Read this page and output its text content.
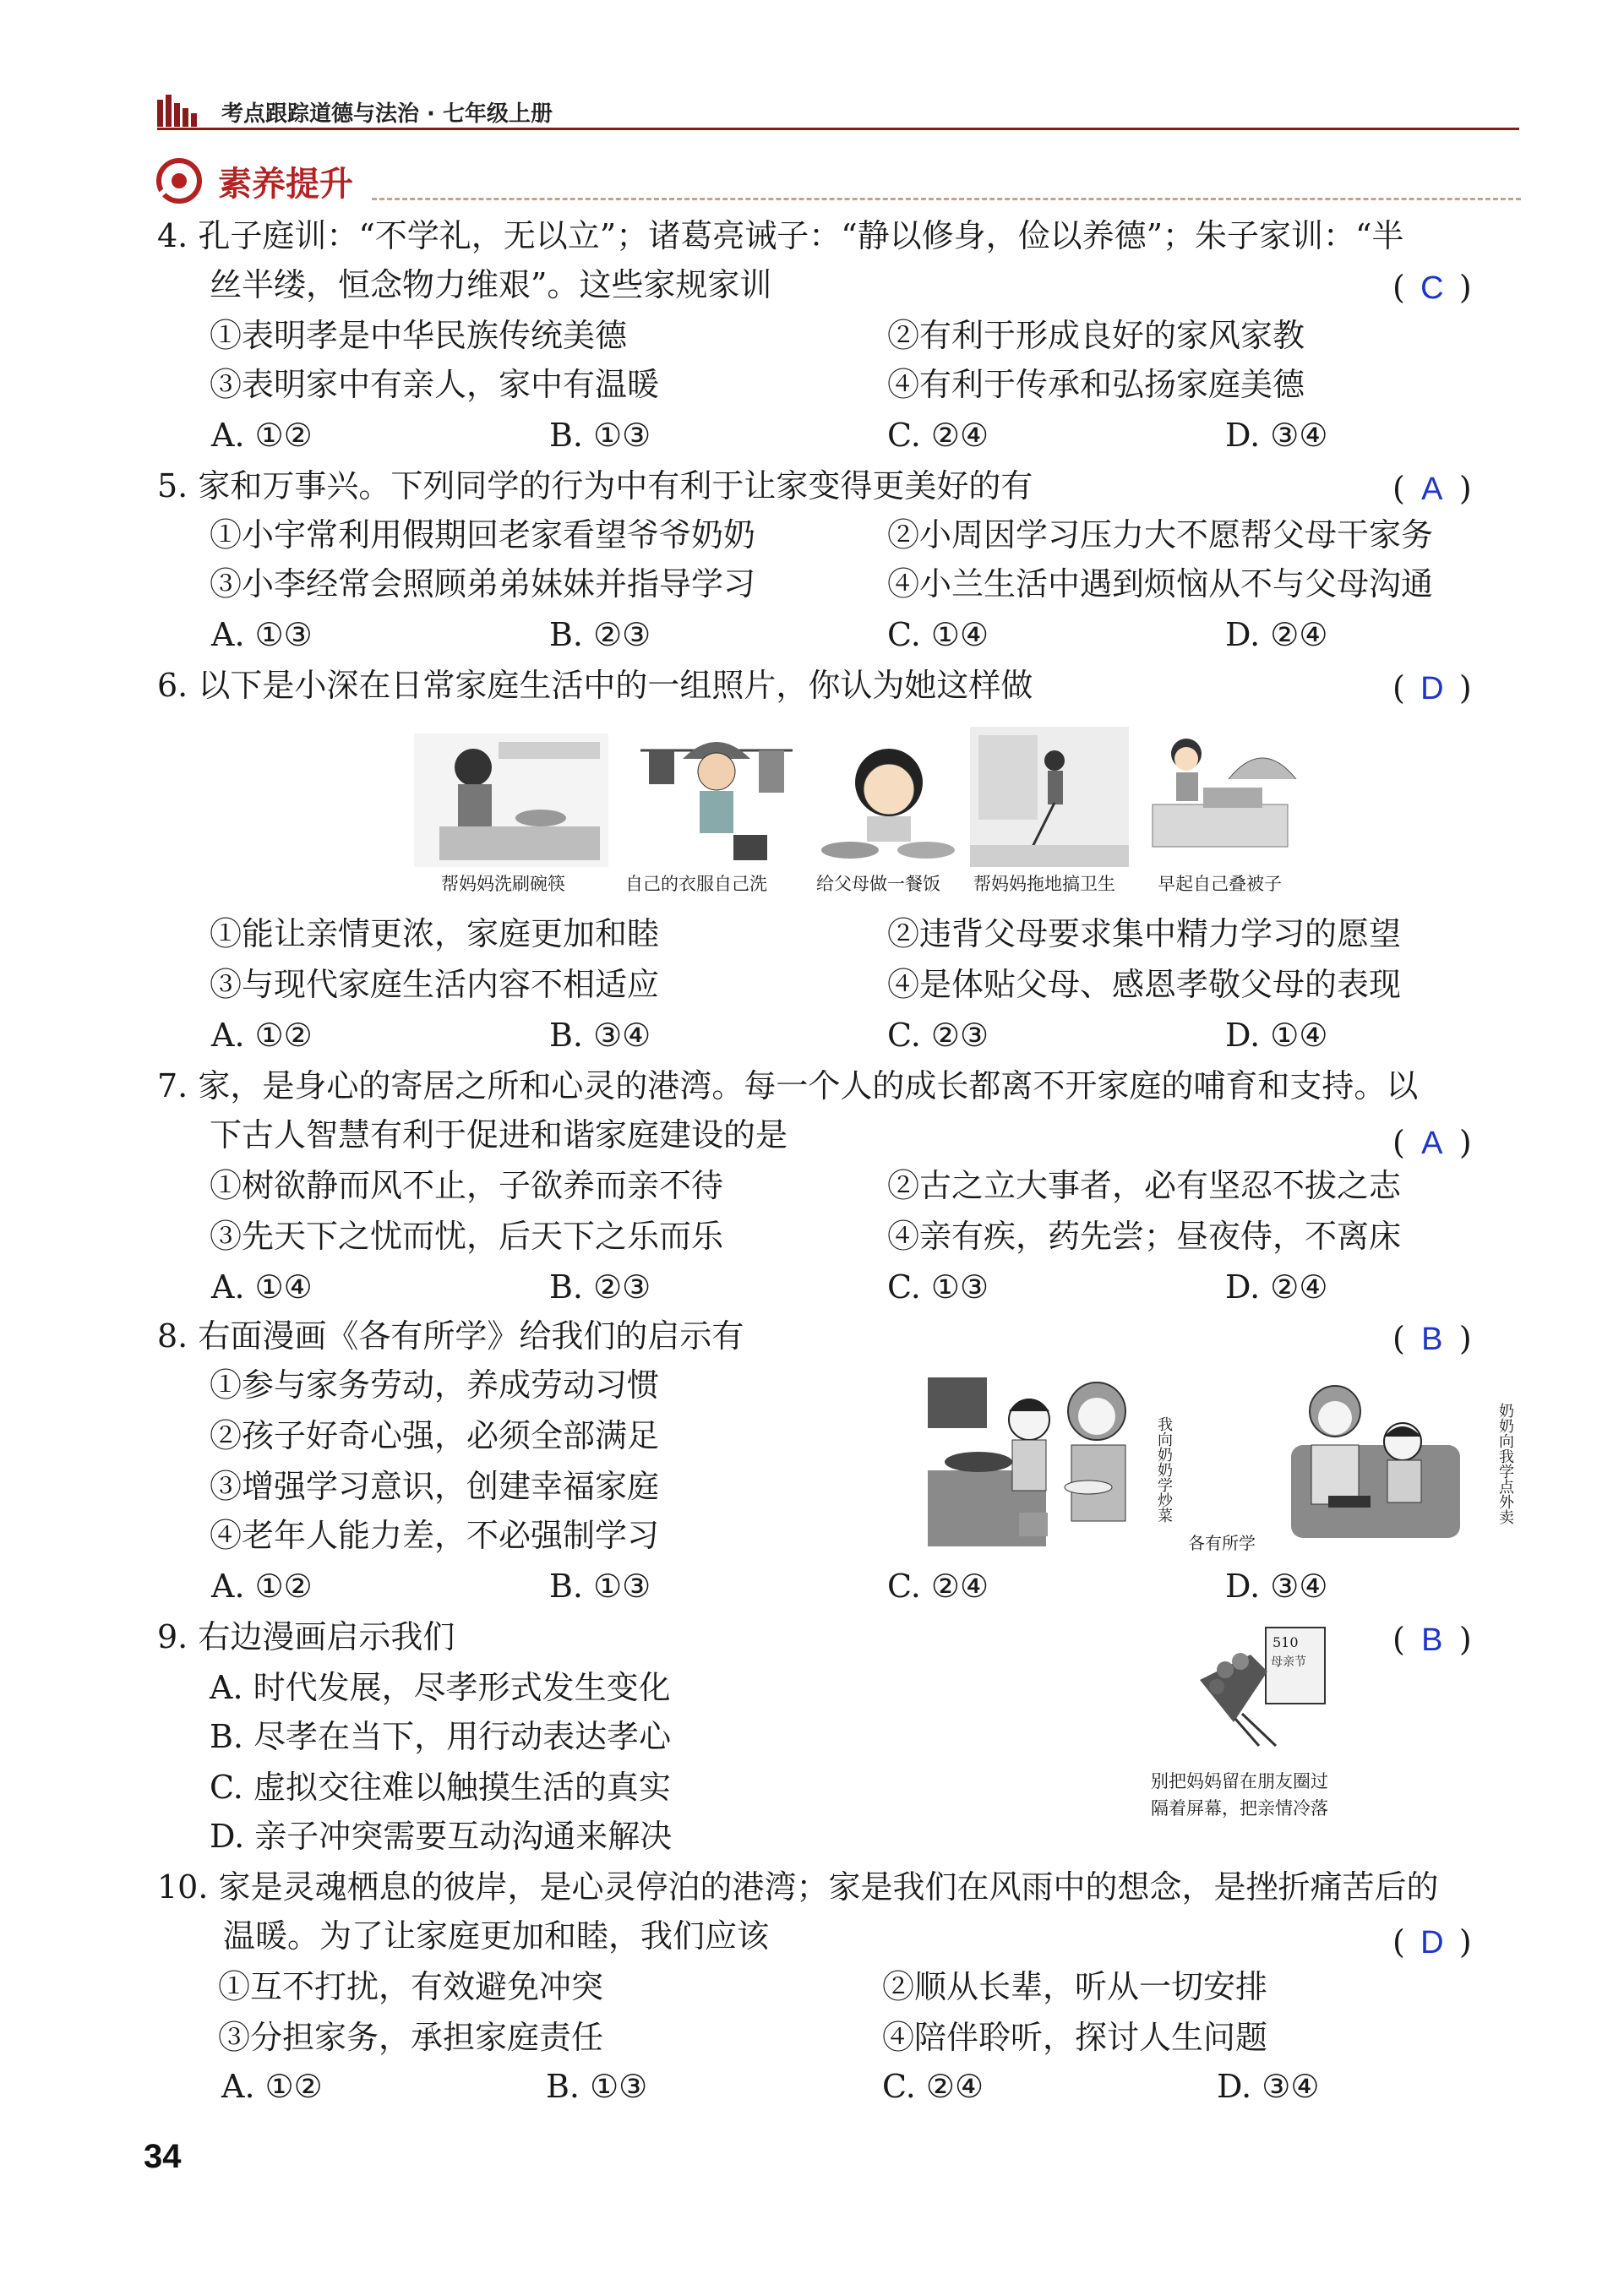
考点跟踪道德与法治 · 七年级上册
素养提升
4. 孔子庭训：“不学礼，无以立”；诸葛亮诫子：“静以修身，俭以养德”；朱子家训：“半
丝半缕，恒念物力维艰”。这些家规家训	( C )
①表明孝是中华民族传统美德	②有利于形成良好的家风家教
③表明家中有亲人，家中有温暖	④有利于传承和弘扬家庭美德
A. ①②	B. ①③	C. ②④	D. ③④
5. 家和万事兴。下列同学的行为中有利于让家变得更美好的有	( A )
①小宇常利用假期回老家看望爷爷奶奶	②小周因学习压力大不愿帮父母干家务
③小李经常会照顾弟弟妹妹并指导学习	④小兰生活中遇到烦恼从不与父母沟通
A. ①③	B. ②③	C. ①④	D. ②④
6. 以下是小深在日常家庭生活中的一组照片，你认为她这样做	( D )
帮妈妈洗刷碗筷	自己的衣服自己洗	给父母做一餐饭 帮妈妈拖地搞卫生 早起自己叠被子
①能让亲情更浓，家庭更加和睦	②违背父母要求集中精力学习的愿望
③与现代家庭生活内容不相适应	④是体贴父母、感恩孝敬父母的表现
A. ①②	B. ③④	C. ②③	D. ①④
7. 家，是身心的寄居之所和心灵的港湾。每一个人的成长都离不开家庭的哺育和支持。以
下古人智慧有利于促进和谐家庭建设的是	( A )
①树欲静而风不止，子欲养而亲不待	②古之立大事者，必有坚忍不拔之志
③先天下之忧而忧，后天下之乐而乐	④亲有疾，药先尝；昼夜侍，不离床
A. ①④	B. ②③	C. ①③	D. ②④
8. 右面漫画《各有所学》给我们的启示有	( B )
①参与家务劳动，养成劳动习惯
②孩子好奇心强，必须全部满足
③增强学习意识，创建幸福家庭
④老年人能力差，不必强制学习
我向奶奶学炒菜	奶奶向我学点外卖
各有所学
A. ①②	B. ①③	C. ②④	D. ③④
9. 右边漫画启示我们	( B )
A. 时代发展，尽孝形式发生变化
B. 尽孝在当下，用行动表达孝心
C. 虚拟交往难以触摸生活的真实
D. 亲子冲突需要互动沟通来解决
510
母亲节
别把妈妈留在朋友圈过
隔着屏幕，把亲情冷落
10. 家是灵魂栖息的彼岸，是心灵停泊的港湾；家是我们在风雨中的想念，是挫折痛苦后的
温暖。为了让家庭更加和睦，我们应该	( D )
①互不打扰，有效避免冲突	②顺从长辈，听从一切安排
③分担家务，承担家庭责任	④陪伴聆听，探讨人生问题
A. ①②	B. ①③	C. ②④	D. ③④
34
